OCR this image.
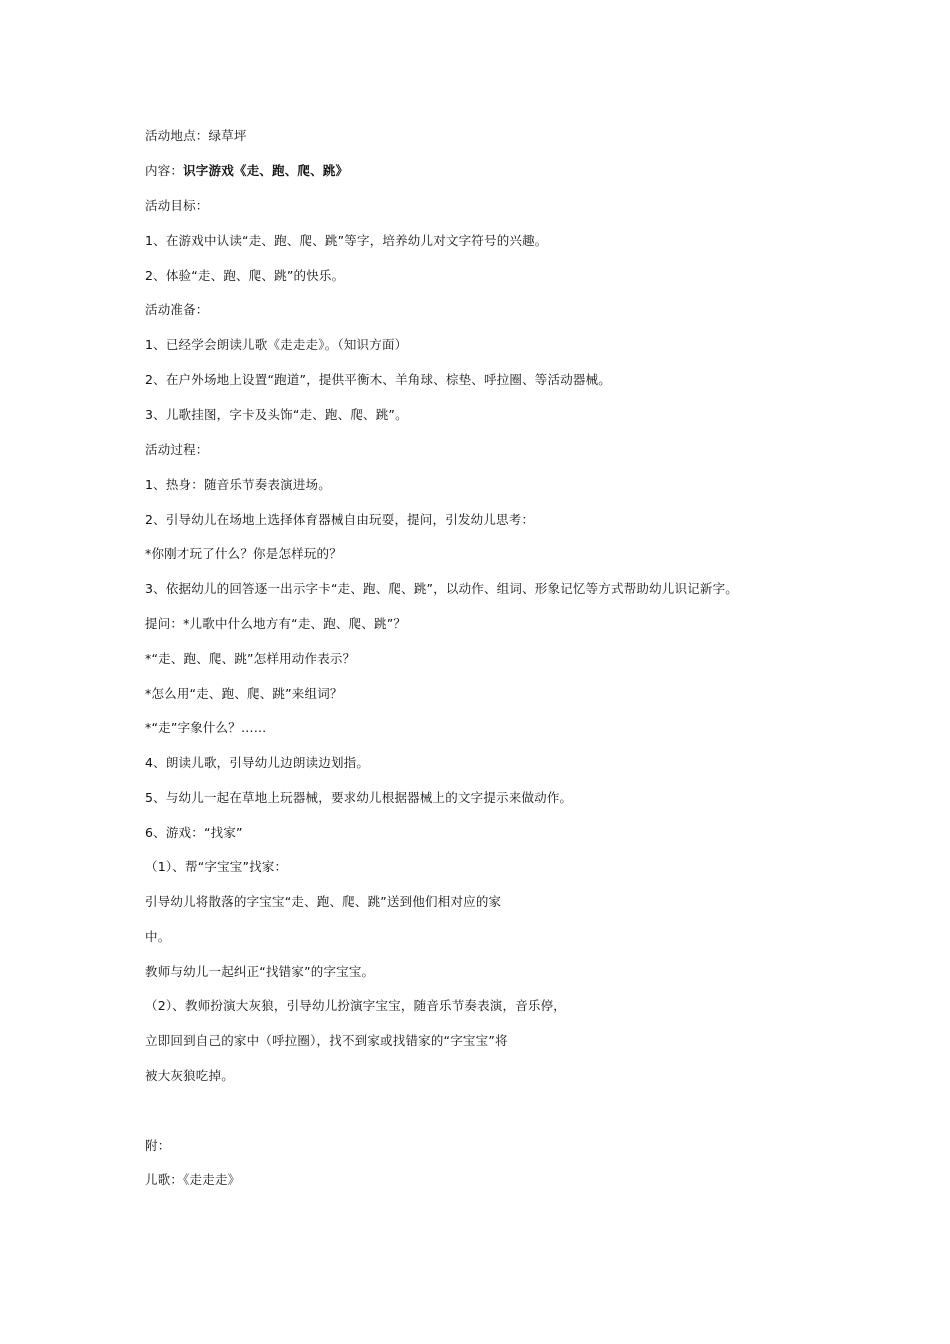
活动地点：绿草坪
内容：识字游戏《走、跑、爬、跳》
活动目标：
1、在游戏中认读“走、跑、爬、跳”等字，培养幼儿对文字符号的兴趣。
2、体验“走、跑、爬、跳”的快乐。
活动准备：
1、已经学会朗读儿歌《走走走》。（知识方面）
2、在户外场地上设置“跑道”，提供平衡木、羊角球、棕垫、呼拉圈、等活动器械。
3、儿歌挂图，字卡及头饰“走、跑、爬、跳”。
活动过程：
1、热身：随音乐节奏表演进场。
2、引导幼儿在场地上选择体育器械自由玩耍，提问，引发幼儿思考：
*你刚才玩了什么？你是怎样玩的？
3、依据幼儿的回答逐一出示字卡“走、跑、爬、跳”，以动作、组词、形象记忆等方式帮助幼儿识记新字。
提问：*儿歌中什么地方有“走、跑、爬、跳”？
*“走、跑、爬、跳”怎样用动作表示？
*怎么用“走、跑、爬、跳”来组词？
*“走”字象什么？……
4、朗读儿歌，引导幼儿边朗读边划指。
5、与幼儿一起在草地上玩器械，要求幼儿根据器械上的文字提示来做动作。
6、游戏：“找家”
（1）、帮“字宝宝”找家：
引导幼儿将散落的字宝宝“走、跑、爬、跳”送到他们相对应的家
中。
教师与幼儿一起纠正“找错家”的字宝宝。
（2）、教师扮演大灰狼，引导幼儿扮演字宝宝，随音乐节奏表演，音乐停，
立即回到自己的家中（呼拉圈），找不到家或找错家的“字宝宝”将
被大灰狼吃掉。
附：
儿歌：《走走走》
